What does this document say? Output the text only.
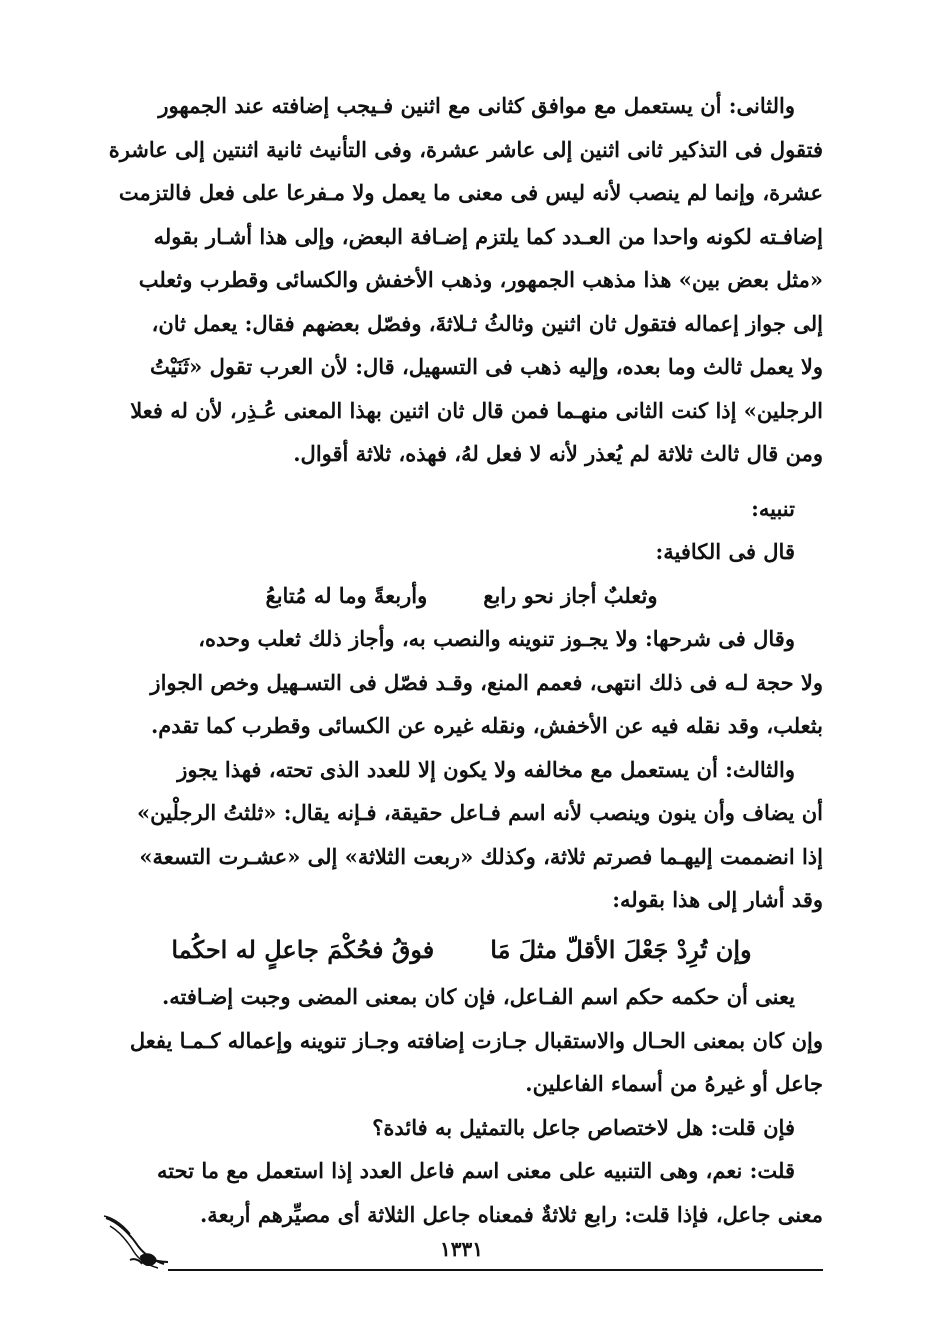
والثانى: أن يستعمل مع موافق كثانى مع اثنين فـيجب إضافته عند الجمهور
فتقول فى التذكير ثانى اثنين إلى عاشر عشرة، وفى التأنيث ثانية اثنتين إلى عاشرة
عشرة، وإنما لم ينصب لأنه ليس فى معنى ما يعمل ولا مـفرعا على فعل فالتزمت
إضافـته لكونه واحدا من العـدد كما يلتزم إضـافة البعض، وإلى هذا أشـار بقوله
«مثل بعض بين» هذا مذهب الجمهور، وذهب الأخفش والكسائى وقطرب وثعلب
إلى جواز إعماله فتقول ثان اثنين وثالثُ ثـلاثةَ، وفصّل بعضهم فقال: يعمل ثان،
ولا يعمل ثالث وما بعده، وإليه ذهب فى التسهيل، قال: لأن العرب تقول «ثَنَيْتُ
الرجلين» إذا كنت الثانى منهـما فمن قال ثان اثنين بهذا المعنى عُـذِر، لأن له فعلا
ومن قال ثالث ثلاثة لم يُعذر لأنه لا فعل لهُ، فهذه، ثلاثة أقوال.
تنبيه:
قال فى الكافية:
وثعلبٌ أجاز نحو رابع
وأربعةً وما له مُتابعُ
وقال فى شرحها: ولا يجـوز تنوينه والنصب به، وأجاز ذلك ثعلب وحده،
ولا حجة لـه فى ذلك انتهى، فعمم المنع، وقـد فصّل فى التسـهيل وخص الجواز
بثعلب، وقد نقله فيه عن الأخفش، ونقله غيره عن الكسائى وقطرب كما تقدم.
والثالث: أن يستعمل مع مخالفه ولا يكون إلا للعدد الذى تحته، فهذا يجوز
أن يضاف وأن ينون وينصب لأنه اسم فـاعل حقيقة، فـإنه يقال: «ثلثتُ الرجلْين»
إذا انضممت إليهـما فصرتم ثلاثة، وكذلك «ربعت الثلاثة» إلى «عشـرت التسعة»
وقد أشار إلى هذا بقوله:
وإن تُرِدْ جَعْلَ الأقلّ مثلَ مَا
فوقُ فحُكْمَ جاعلٍ له احكُما
يعنى أن حكمه حكم اسم الفـاعل، فإن كان بمعنى المضى وجبت إضـافته.
وإن كان بمعنى الحـال والاستقبال جـازت إضافته وجـاز تنوينه وإعماله كـمـا يفعل
جاعل أو غيرهُ من أسماء الفاعلين.
فإن قلت: هل لاختصاص جاعل بالتمثيل به فائدة؟
قلت: نعم، وهى التنبيه على معنى اسم فاعل العدد إذا استعمل مع ما تحته
معنى جاعل، فإذا قلت: رابع ثلاثةٌ فمعناه جاعل الثلاثة أى مصيِّرهم أربعة.
١٣٣١
